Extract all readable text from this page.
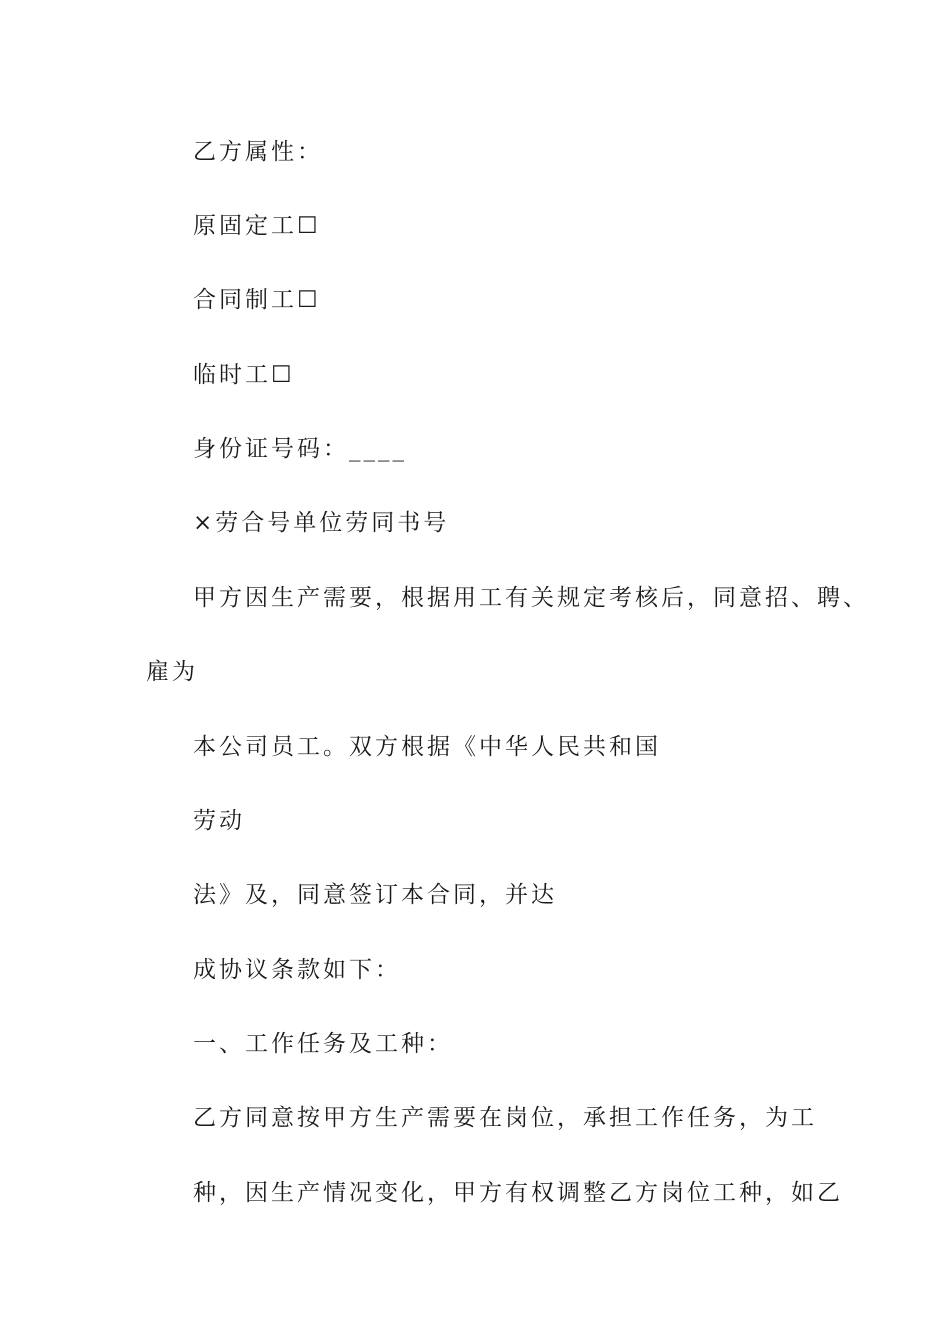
乙方属性：
原固定工☐
合同制工☐
临时工☐
身份证号码：____
×劳合号单位劳同书号
甲方因生产需要，根据用工有关规定考核后，同意招、聘、
雇为
本公司员工。双方根据《中华人民共和国
劳动
法》及，同意签订本合同，并达
成协议条款如下：
一、工作任务及工种：
乙方同意按甲方生产需要在岗位，承担工作任务，为工
种，因生产情况变化，甲方有权调整乙方岗位工种，如乙
